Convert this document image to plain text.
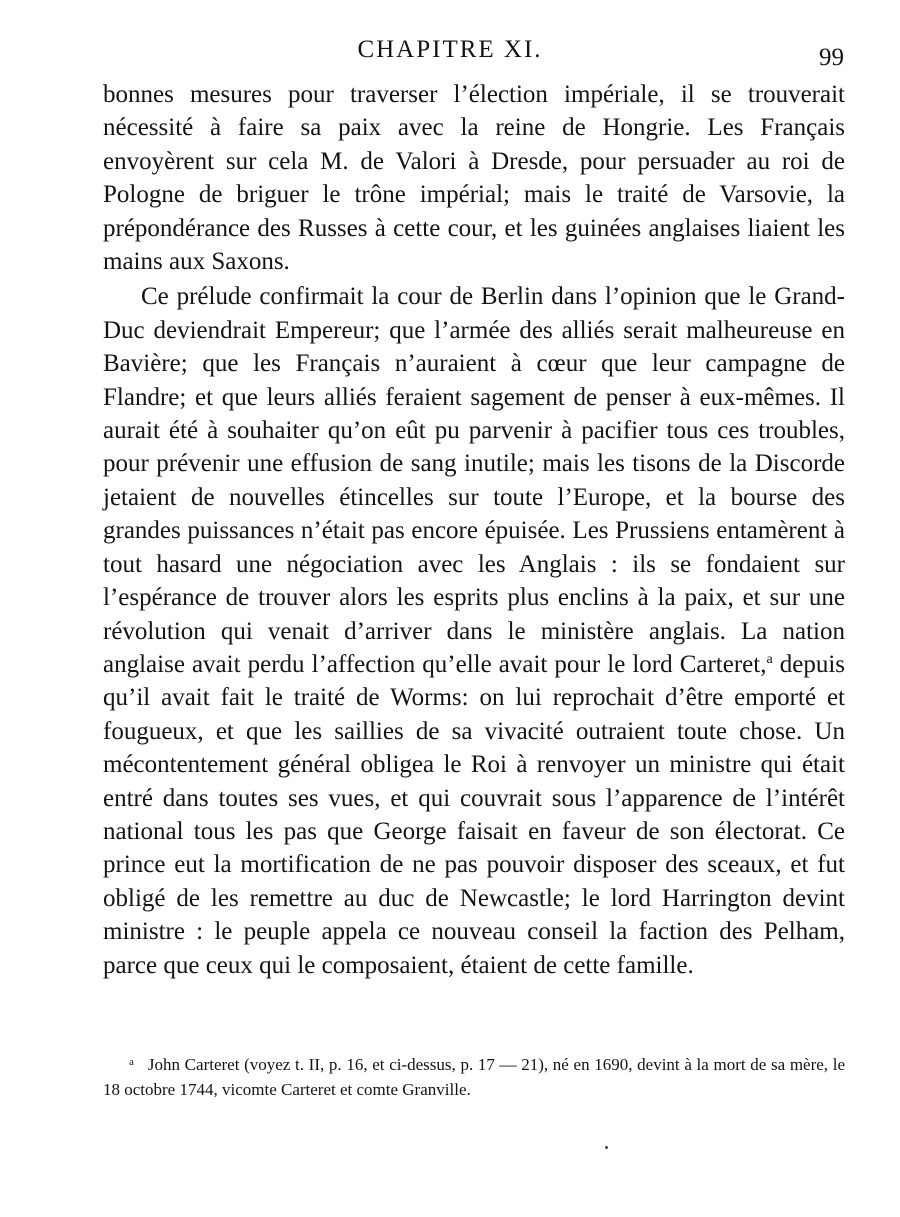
CHAPITRE XI.	99

bonnes mesures pour traverser l’élection impériale, il se trouverait nécessité à faire sa paix avec la reine de Hongrie. Les Français envoyèrent sur cela M. de Valori à Dresde, pour persuader au roi de Pologne de briguer le trône impérial; mais le traité de Varsovie, la prépondérance des Russes à cette cour, et les guinées anglaises liaient les mains aux Saxons.

Ce prélude confirmait la cour de Berlin dans l’opinion que le Grand-Duc deviendrait Empereur; que l’armée des alliés serait malheureuse en Bavière; que les Français n’auraient à cœur que leur campagne de Flandre; et que leurs alliés feraient sagement de penser à eux-mêmes. Il aurait été à souhaiter qu’on eût pu parvenir à pacifier tous ces troubles, pour prévenir une effusion de sang inutile; mais les tisons de la Discorde jetaient de nouvelles étincelles sur toute l’Europe, et la bourse des grandes puissances n’était pas encore épuisée. Les Prussiens entamèrent à tout hasard une négociation avec les Anglais : ils se fondaient sur l’espérance de trouver alors les esprits plus enclins à la paix, et sur une révolution qui venait d’arriver dans le ministère anglais. La nation anglaise avait perdu l’affection qu’elle avait pour le lord Carteret,$^a$ depuis qu’il avait fait le traité de Worms: on lui reprochait d’être emporté et fougueux, et que les saillies de sa vivacité outraient toute chose. Un mécontentement général obligea le Roi à renvoyer un ministre qui était entré dans toutes ses vues, et qui couvrait sous l’apparence de l’intérêt national tous les pas que George faisait en faveur de son électorat. Ce prince eut la mortification de ne pas pouvoir disposer des sceaux, et fut obligé de les remettre au duc de Newcastle; le lord Harrington devint ministre : le peuple appela ce nouveau conseil la faction des Pelham, parce que ceux qui le composaient, étaient de cette famille.

$^a$ John Carteret (voyez t. II, p. 16, et ci-dessus, p. 17 — 21), né en 1690, devint à la mort de sa mère, le 18 octobre 1744, vicomte Carteret et comte Granville.
